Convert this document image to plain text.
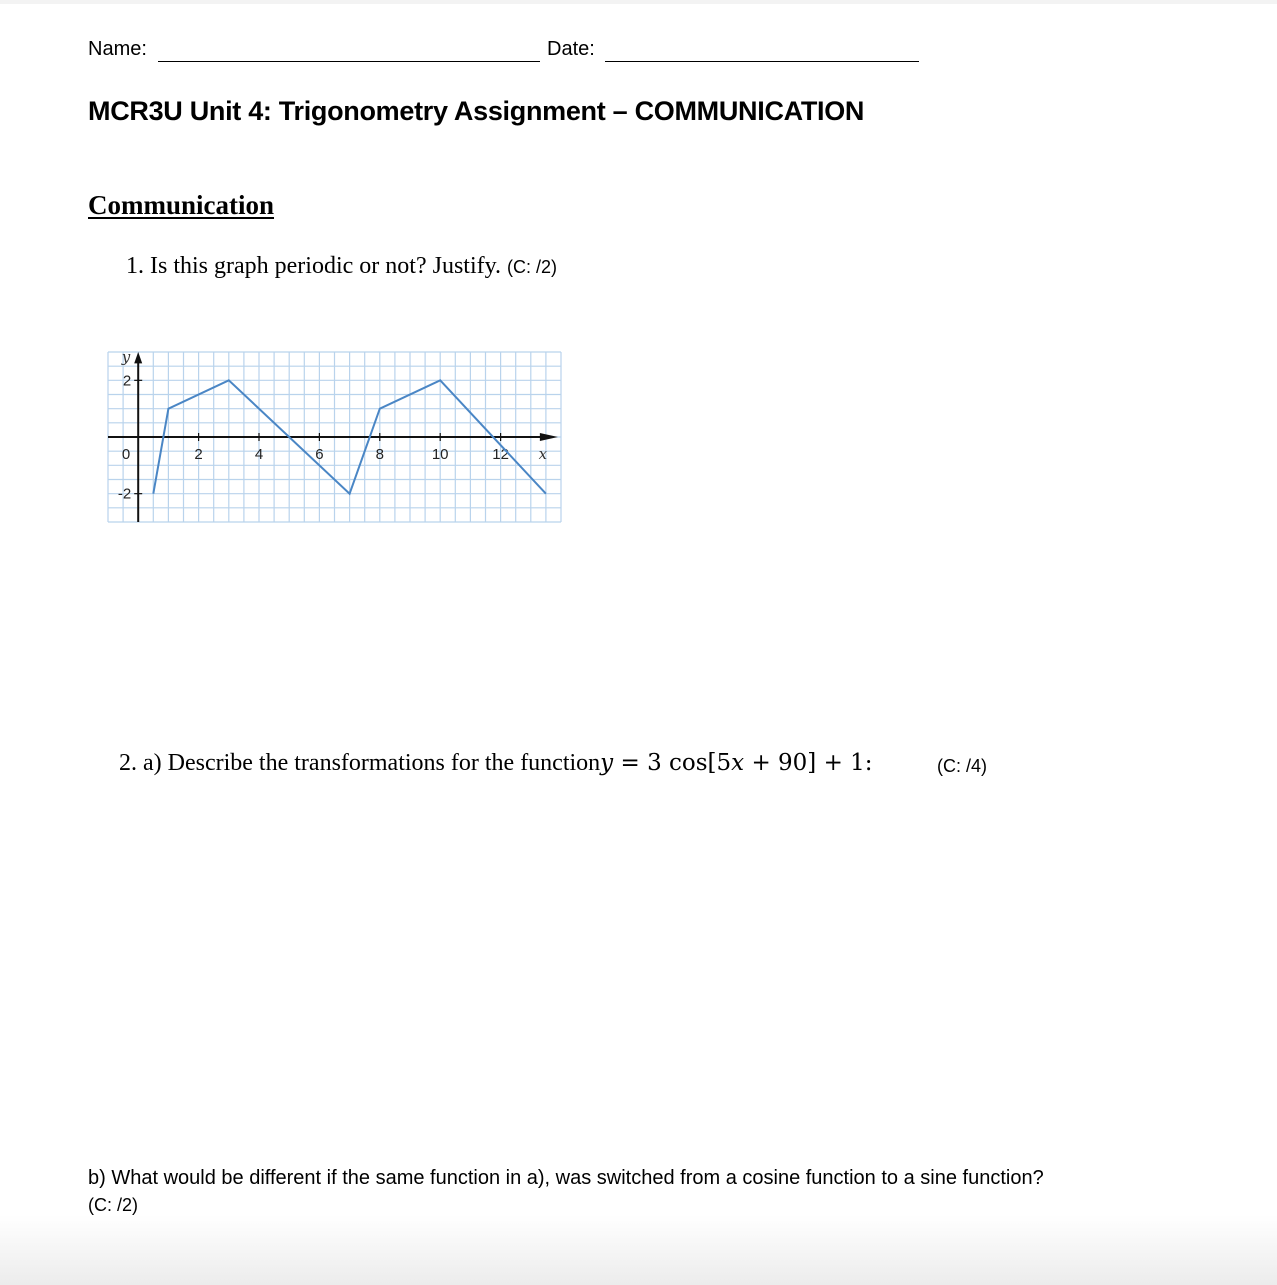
Name:	Date:
MCR3U Unit 4: Trigonometry Assignment – COMMUNICATION
Communication
1. Is this graph periodic or not? Justify. (C: /2)
2	4	6	8	10	12
2
-2
0	x
y
2. a) Describe the transformations for the functiony = 3 cos[5x + 90] + 1:	(C: /4)
b) What would be different if the same function in a), was switched from a cosine function to a sine function?
(C: /2)
